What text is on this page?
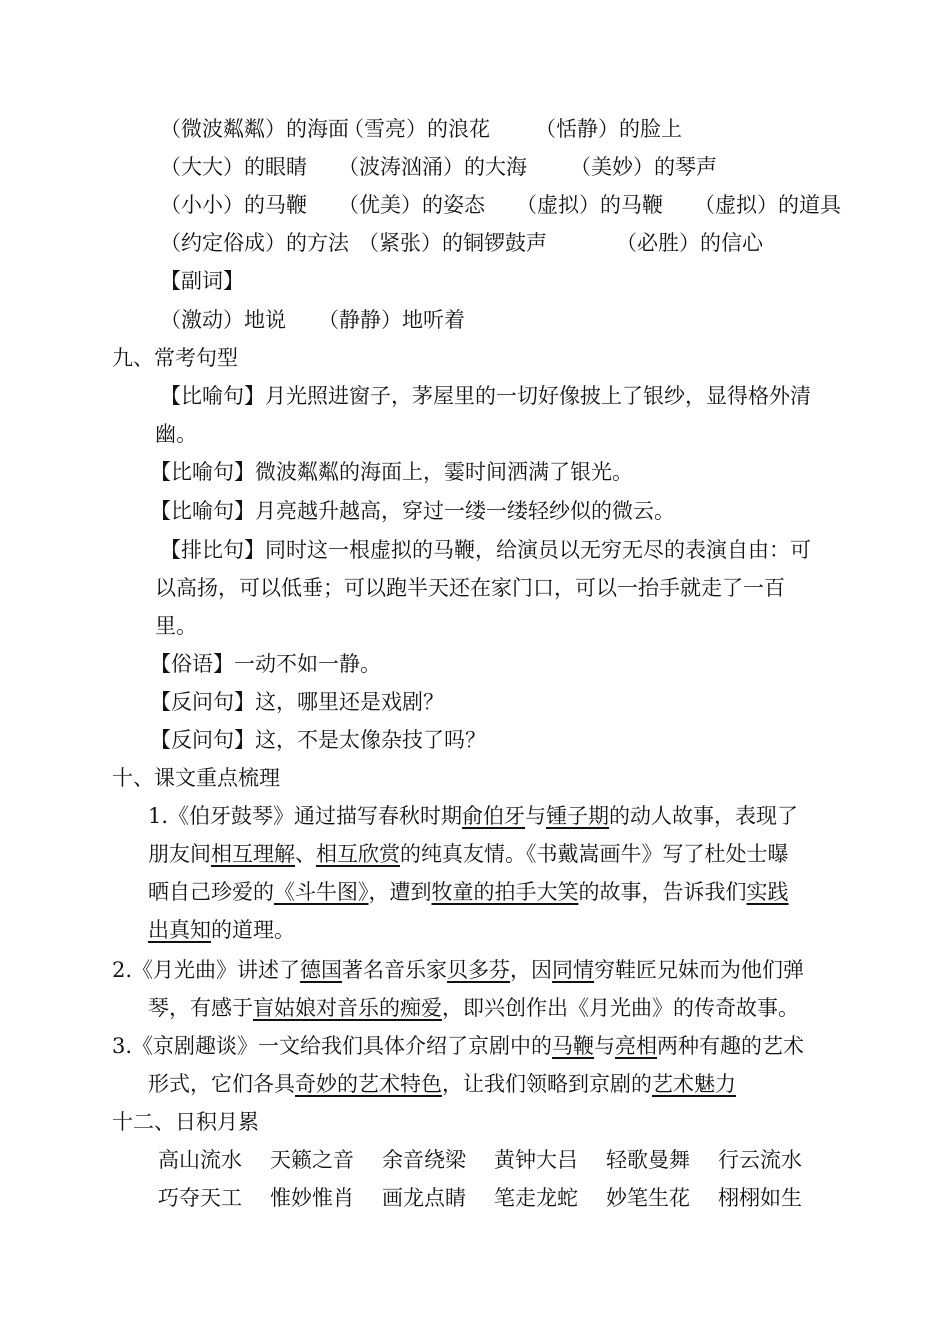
（微波粼粼）的海面（雪亮）的浪花 （恬静）的脸上
（大大）的眼睛 （波涛汹涌）的大海 （美妙）的琴声
（小小）的马鞭 （优美）的姿态 （虚拟）的马鞭 （虚拟）的道具
（约定俗成）的方法 （紧张）的铜锣鼓声	（必胜）的信心
【副词】
（激动）地说 （静静）地听着
九、常考句型
【比喻句】月光照进窗子，茅屋里的一切好像披上了银纱，显得格外清
幽。
【比喻句】微波粼粼的海面上，霎时间洒满了银光。
【比喻句】月亮越升越高，穿过一缕一缕轻纱似的微云。
【排比句】同时这一根虚拟的马鞭，给演员以无穷无尽的表演自由：可
以高扬，可以低垂；可以跑半天还在家门口，可以一抬手就走了一百
里。
【俗语】一动不如一静。
【反问句】这，哪里还是戏剧？
【反问句】这，不是太像杂技了吗？
十、课文重点梳理
1.《伯牙鼓琴》通过描写春秋时期俞伯牙与锺子期的动人故事，表现了
朋友间相互理解、相互欣赏的纯真友情。《书戴嵩画牛》写了杜处士曝
晒自己珍爱的《斗牛图》，遭到牧童的拍手大笑的故事，告诉我们实践
出真知的道理。
2.《月光曲》讲述了德国著名音乐家贝多芬，因同情穷鞋匠兄妹而为他们弹
琴，有感于盲姑娘对音乐的痴爱，即兴创作出《月光曲》的传奇故事。
3.《京剧趣谈》一文给我们具体介绍了京剧中的马鞭与亮相两种有趣的艺术
形式，它们各具奇妙的艺术特色，让我们领略到京剧的艺术魅力
十二、日积月累
高山流水 天籁之音 余音绕梁 黄钟大吕 轻歌曼舞 行云流水
巧夺天工 惟妙惟肖 画龙点睛 笔走龙蛇 妙笔生花 栩栩如生
